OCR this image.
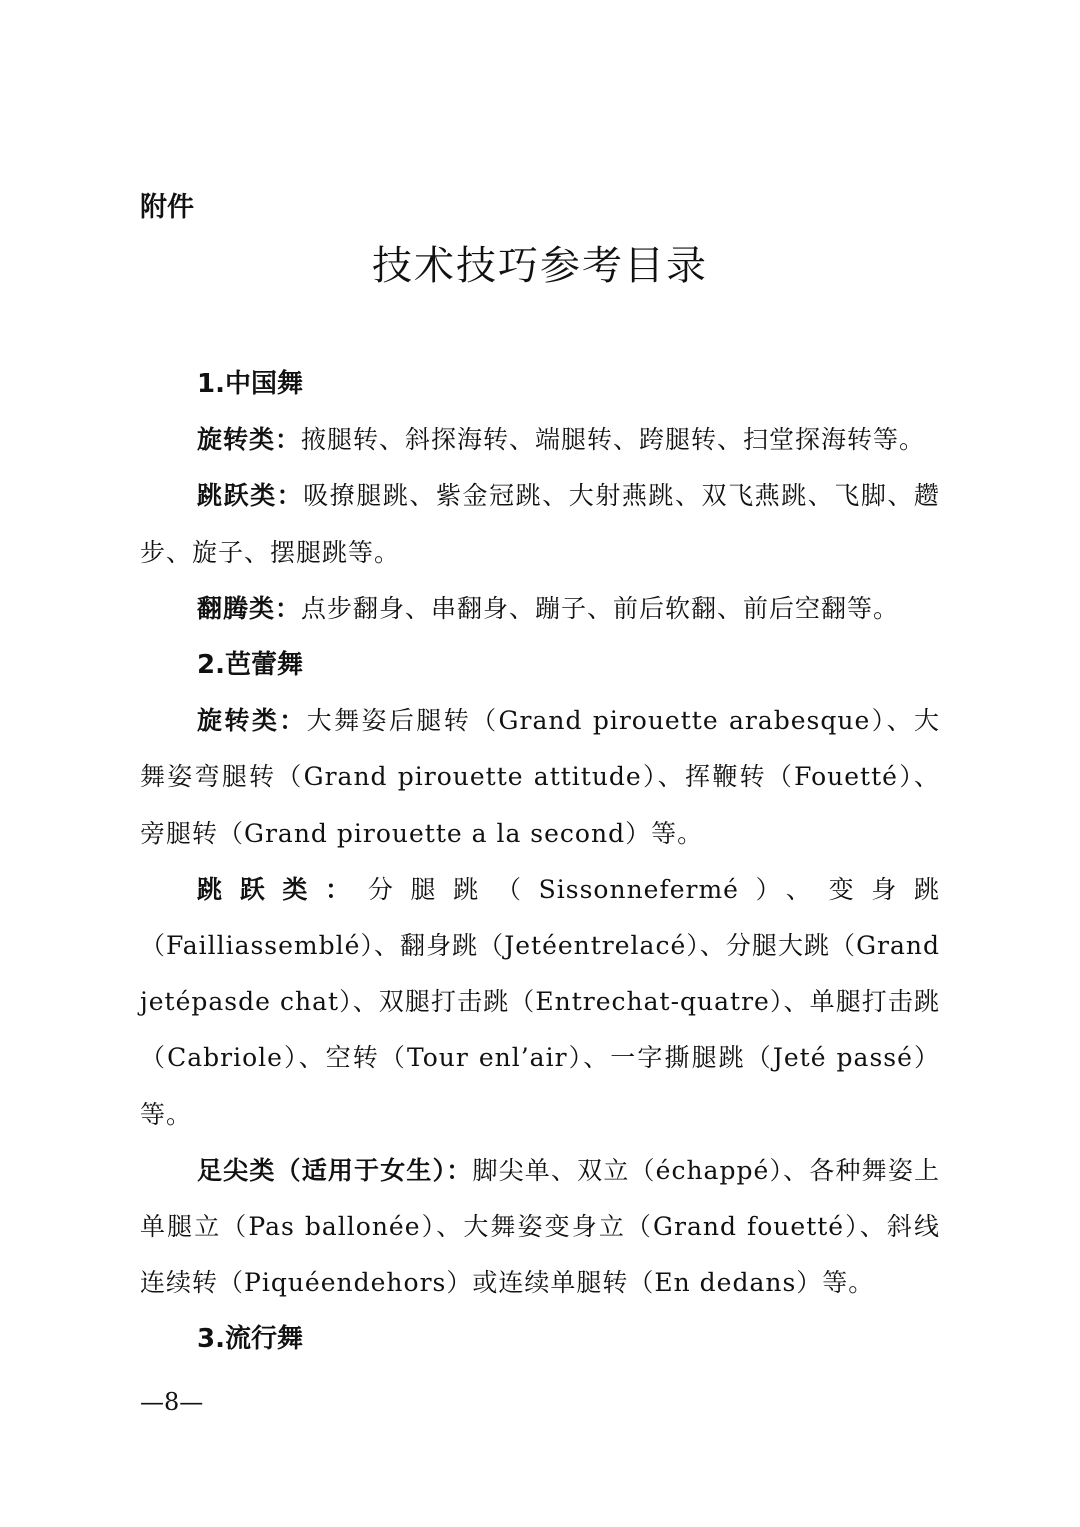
附件
技术技巧参考目录

1.中国舞

旋转类：掖腿转、斜探海转、端腿转、跨腿转、扫堂探海转等。

跳跃类：吸撩腿跳、紫金冠跳、大射燕跳、双飞燕跳、飞脚、趱步、旋子、摆腿跳等。

翻腾类：点步翻身、串翻身、蹦子、前后软翻、前后空翻等。

2.芭蕾舞

旋转类：大舞姿后腿转（Grand pirouette arabesque）、大舞姿弯腿转（Grand pirouette attitude）、挥鞭转（Fouetté）、旁腿转（Grand pirouette a la second）等。

跳跃类：分腿跳（Sissonnefermé）、变身跳（Failliassemblé）、翻身跳（Jetéentrelacé）、分腿大跳（Grand jetépasde chat）、双腿打击跳（Entrechat-quatre）、单腿打击跳（Cabriole）、空转（Tour enl’air）、一字撕腿跳（Jeté passé）等。

足尖类（适用于女生）：脚尖单、双立（échappé）、各种舞姿上单腿立（Pas ballonée）、大舞姿变身立（Grand fouetté）、斜线连续转（Piquéendehors）或连续单腿转（En dedans）等。

3.流行舞

—8—
